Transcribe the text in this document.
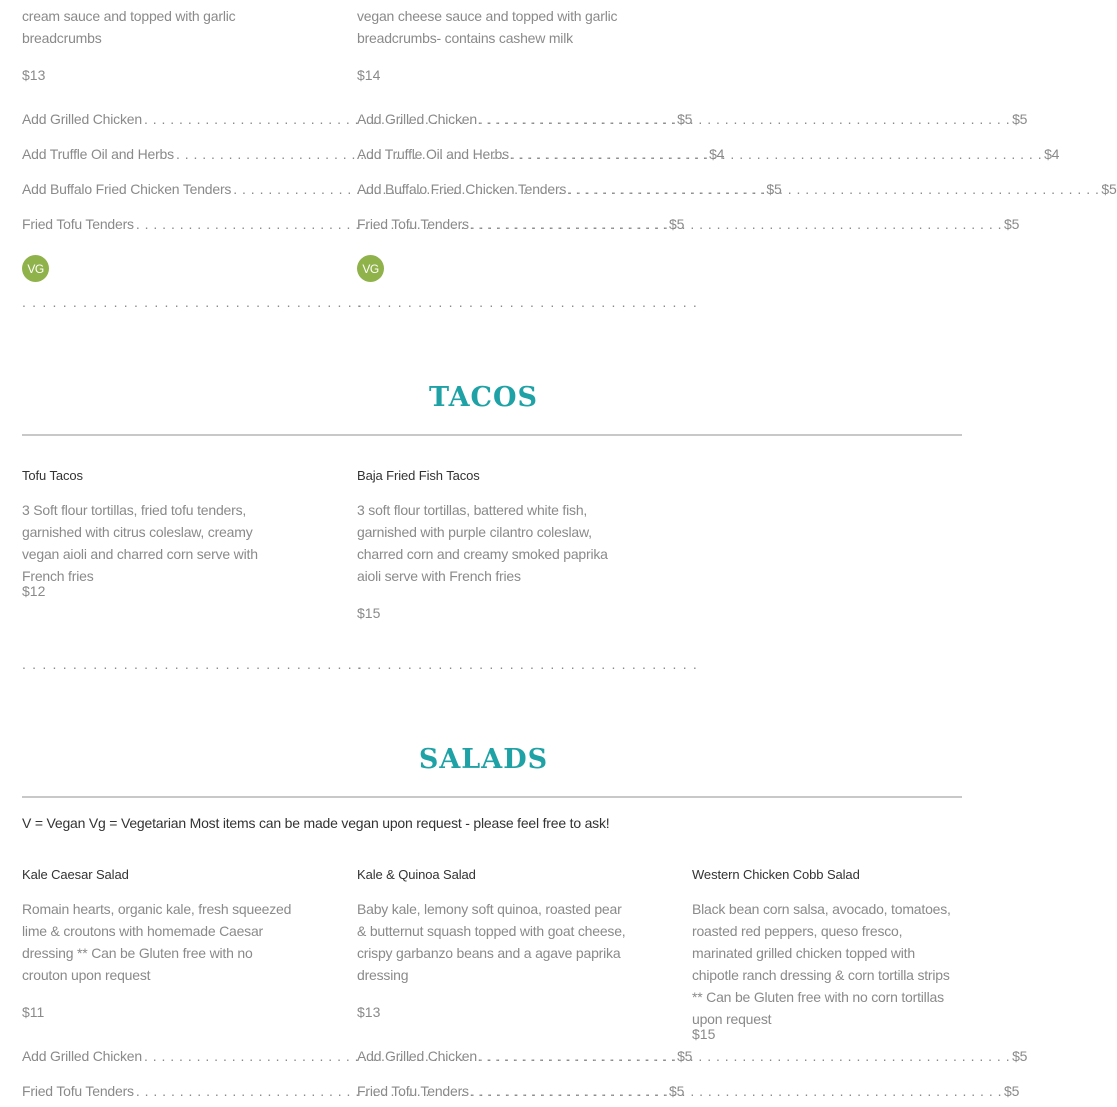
cream sauce and topped with garlic breadcrumbs
$13
vegan cheese sauce and topped with garlic breadcrumbs- contains cashew milk
$14
Add Grilled Chicken . . .	$5
Add Truffle Oil and Herbs . . .	$4
Add Buffalo Fried Chicken Tenders . . .	$5
Fried Tofu Tenders . . .	$5
VG
. . . . . . . . . . . . . . . . . . . . . . . . . . . . . . . . . .
Add Grilled Chicken . . .	$5
Add Truffle Oil and Herbs . . .	$4
Add Buffalo Fried Chicken Tenders . . .	$5
Fried Tofu Tenders . . .	$5
VG
. . . . . . . . . . . . . . . . . . . . . . . . . . . . . . . . . .
TACOS
Tofu Tacos
3 Soft flour tortillas, fried tofu tenders, garnished with citrus coleslaw, creamy vegan aioli and charred corn serve with French fries
$12
. . . . . . . . . . . . . . . . . . . . . . . . . . . . . . . . . .
Baja Fried Fish Tacos
3 soft flour tortillas, battered white fish, garnished with purple cilantro coleslaw, charred corn and creamy smoked paprika aioli serve with French fries
$15
. . . . . . . . . . . . . . . . . . . . . . . . . . . . . . . . . .
SALADS
V = Vegan Vg = Vegetarian Most items can be made vegan upon request - please feel free to ask!
Kale Caesar Salad
Romain hearts, organic kale, fresh squeezed lime & croutons with homemade Caesar dressing ** Can be Gluten free with no crouton upon request
$11
Add Grilled Chicken . . .	$5
Fried Tofu Tenders . . .	$5
Kale & Quinoa Salad
Baby kale, lemony soft quinoa, roasted pear & butternut squash topped with goat cheese, crispy garbanzo beans and a agave paprika dressing
$13
Add Grilled Chicken . . .	$5
Fried Tofu Tenders . . .	$5
Western Chicken Cobb Salad
Black bean corn salsa, avocado, tomatoes, roasted red peppers, queso fresco, marinated grilled chicken topped with chipotle ranch dressing & corn tortilla strips ** Can be Gluten free with no corn tortillas upon request
$15
